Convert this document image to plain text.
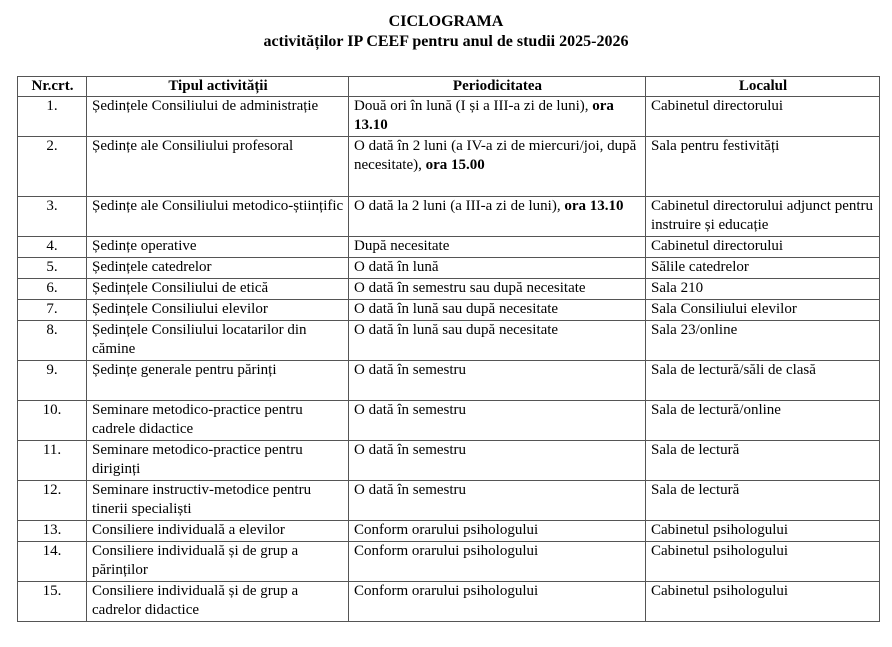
CICLOGRAMA
activităților IP CEEF pentru anul de studii 2025-2026
Nr.crt.	Tipul activității	Periodicitatea	Localul
1.	Ședințele Consiliului de administrație	Două ori în lună (I și a III-a zi de luni), ora 13.10	Cabinetul directorului
2.	Ședințe ale Consiliului profesoral	O dată în 2 luni (a IV-a zi de miercuri/joi, după necesitate), ora 15.00	Sala pentru festivități
3.	Ședințe ale Consiliului metodico-științific	O dată la 2 luni (a III-a zi de luni), ora 13.10	Cabinetul directorului adjunct pentru instruire și educație
4.	Ședințe operative	După necesitate	Cabinetul directorului
5.	Ședințele catedrelor	O dată în lună	Sălile catedrelor
6.	Ședințele Consiliului de etică	O dată în semestru sau după necesitate	Sala 210
7.	Ședințele Consiliului elevilor	O dată în lună sau după necesitate	Sala Consiliului elevilor
8.	Ședințele Consiliului locatarilor din cămine	O dată în lună sau după necesitate	Sala 23/online
9.	Ședințe generale pentru părinți	O dată în semestru	Sala de lectură/săli de clasă
10.	Seminare metodico-practice pentru cadrele didactice	O dată în semestru	Sala de lectură/online
11.	Seminare metodico-practice pentru diriginți	O dată în semestru	Sala de lectură
12.	Seminare instructiv-metodice pentru tinerii specialiști	O dată în semestru	Sala de lectură
13.	Consiliere individuală a elevilor	Conform orarului psihologului	Cabinetul psihologului
14.	Consiliere individuală și de grup a părinților	Conform orarului psihologului	Cabinetul psihologului
15.	Consiliere individuală și de grup a cadrelor didactice	Conform orarului psihologului	Cabinetul psihologului
